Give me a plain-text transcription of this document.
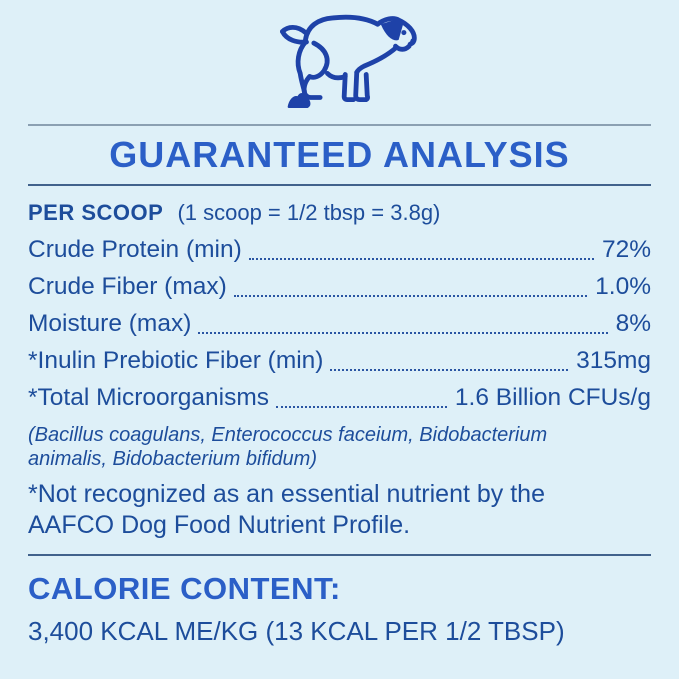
GUARANTEED ANALYSIS
PER SCOOP (1 scoop = 1/2 tbsp = 3.8g)
Crude Protein (min)	72%
Crude Fiber (max)	1.0%
Moisture (max)	8%
*Inulin Prebiotic Fiber (min)	315mg
*Total Microorganisms	1.6 Billion CFUs/g
(Bacillus coagulans, Enterococcus faceium, Bidobacterium animalis, Bidobacterium bifidum)
*Not recognized as an essential nutrient by the AAFCO Dog Food Nutrient Profile.
CALORIE CONTENT:
3,400 KCAL ME/KG (13 KCAL PER 1/2 TBSP)
